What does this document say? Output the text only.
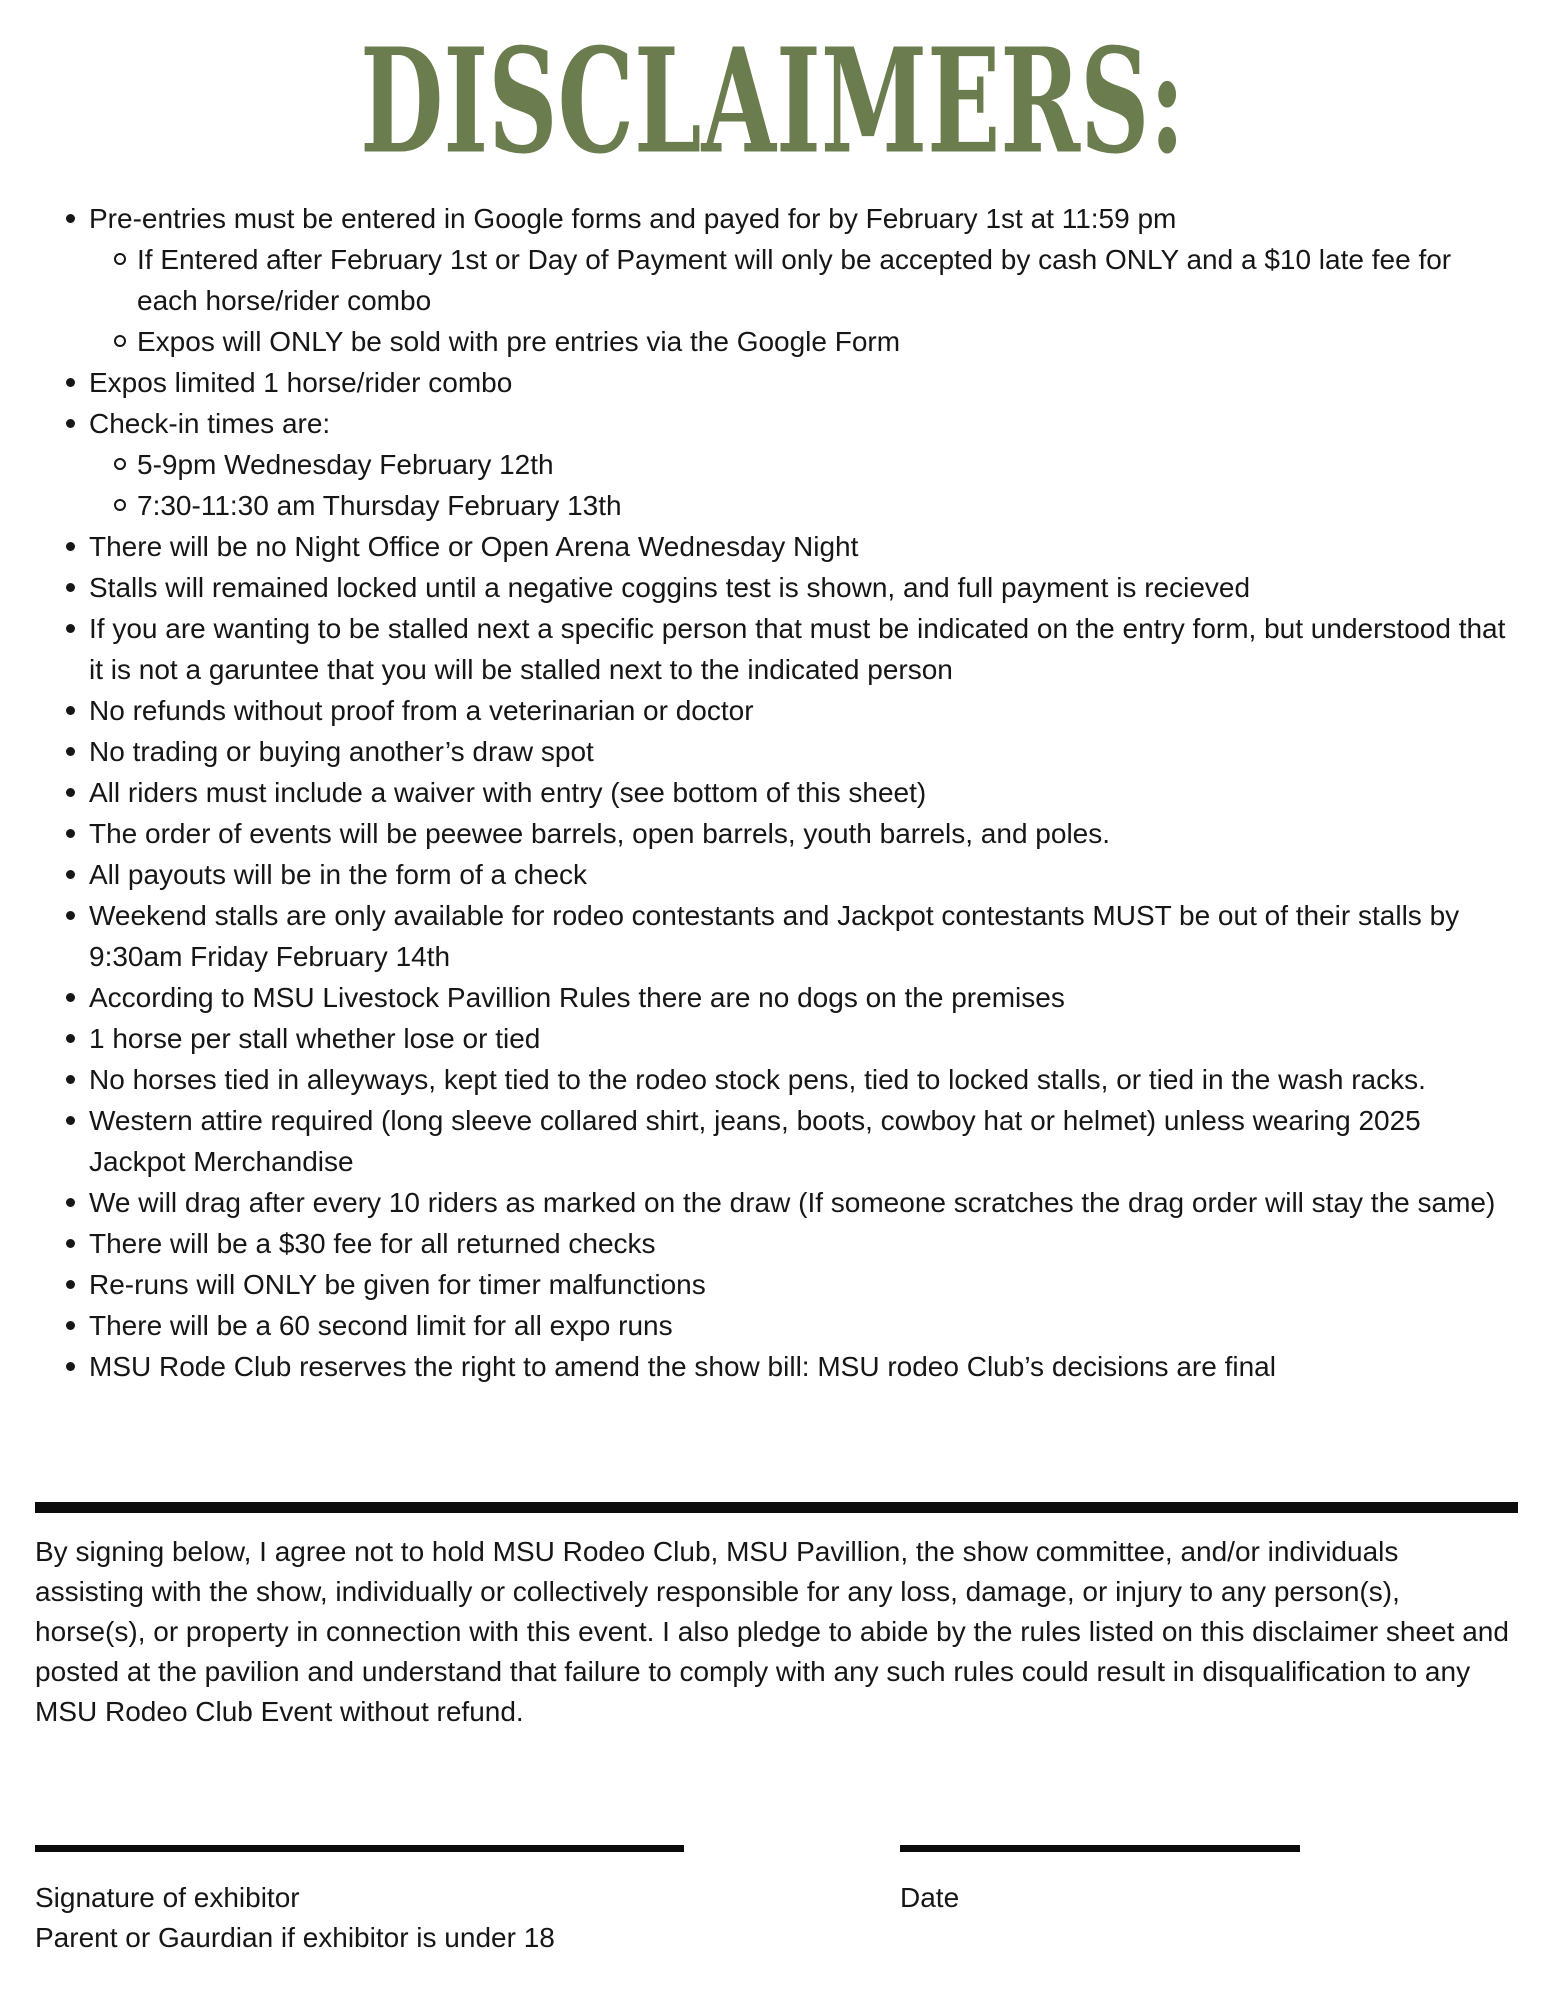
DISCLAIMERS:
Pre-entries must be entered in Google forms and payed for by February 1st at 11:59 pm
If Entered after February 1st or Day of Payment will only be accepted by cash ONLY and a $10 late fee for each horse/rider combo
Expos will ONLY be sold with pre entries via the Google Form
Expos limited 1 horse/rider combo
Check-in times are:
5-9pm Wednesday February 12th
7:30-11:30 am Thursday February 13th
There will be no Night Office or Open Arena Wednesday Night
Stalls will remained locked until a negative coggins test is shown, and full payment is recieved
If you are wanting to be stalled next a specific person that must be indicated on the entry form, but understood that it is not a garuntee that you will be stalled next to the indicated person
No refunds without proof from a veterinarian or doctor
No trading or buying another’s draw spot
All riders must include a waiver with entry (see bottom of this sheet)
The order of events will be peewee barrels, open barrels, youth barrels, and poles.
All payouts will be in the form of a check
Weekend stalls are only available for rodeo contestants and Jackpot contestants MUST be out of their stalls by 9:30am Friday February 14th
According to MSU Livestock Pavillion Rules there are no dogs on the premises
1 horse per stall whether lose or tied
No horses tied in alleyways, kept tied to the rodeo stock pens, tied to locked stalls, or tied in the wash racks.
Western attire required (long sleeve collared shirt, jeans, boots, cowboy hat or helmet) unless wearing 2025 Jackpot Merchandise
We will drag after every 10 riders as marked on the draw (If someone scratches the drag order will stay the same)
There will be a $30 fee for all returned checks
Re-runs will ONLY be given for timer malfunctions
There will be a 60 second limit for all expo runs
MSU Rode Club reserves the right to amend the show bill: MSU rodeo Club’s decisions are final

By signing below, I agree not to hold MSU Rodeo Club, MSU Pavillion, the show committee, and/or individuals assisting with the show, individually or collectively responsible for any loss, damage, or injury to any person(s), horse(s), or property in connection with this event. I also pledge to abide by the rules listed on this disclaimer sheet and posted at the pavilion and understand that failure to comply with any such rules could result in disqualification to any MSU Rodeo Club Event without refund.

Signature of exhibitor
Parent or Gaurdian if exhibitor is under 18
Date
